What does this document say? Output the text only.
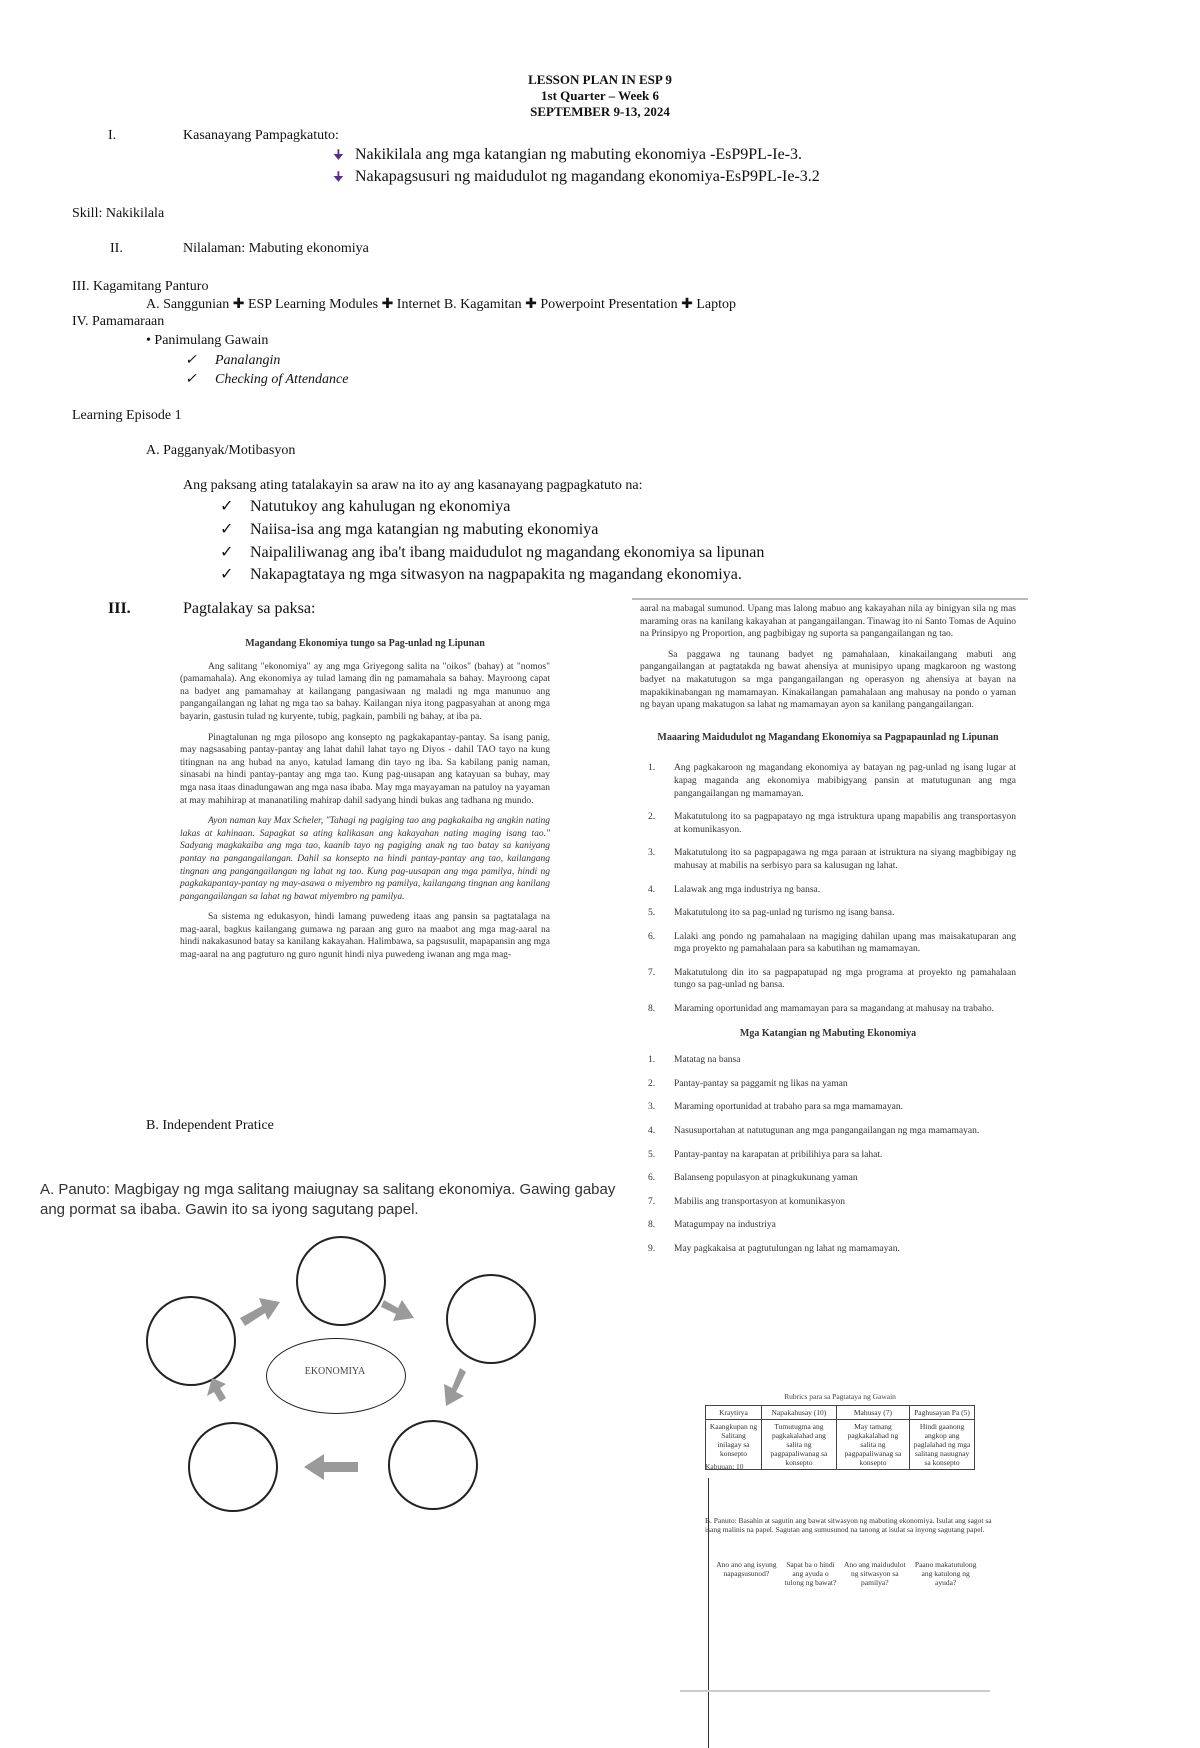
LESSON PLAN IN ESP 9
1st Quarter – Week 6
SEPTEMBER 9-13, 2024
I.	Kasanayang Pampagkatuto:
🠋 Nakikilala ang mga katangian ng mabuting ekonomiya -EsP9PL-Ie-3.
🠋 Nakapagsusuri ng maidudulot ng magandang ekonomiya-EsP9PL-Ie-3.2
Skill: Nakikilala
II.	Nilalaman: Mabuting ekonomiya
III. Kagamitang Panturo
A. Sanggunian ✚ ESP Learning Modules ✚ Internet B. Kagamitan ✚ Powerpoint Presentation ✚ Laptop
IV. Pamamaraan
• Panimulang Gawain
✓ Panalangin
✓ Checking of Attendance
Learning Episode 1
A. Pagganyak/Motibasyon
Ang paksang ating tatalakayin sa araw na ito ay ang kasanayang pagpagkatuto na:
✓ Natutukoy ang kahulugan ng ekonomiya
✓ Naiisa-isa ang mga katangian ng mabuting ekonomiya
✓ Naipaliliwanag ang iba't ibang maidudulot ng magandang ekonomiya sa lipunan
✓ Nakapagtataya ng mga sitwasyon na nagpapakita ng magandang ekonomiya.
III.	Pagtalakay sa paksa:

Magandang Ekonomiya tungo sa Pag-unlad ng Lipunan

Ang salitang "ekonomiya" ay ang mga Griyegong salita na "oikos" (bahay) at "nomos" (pamamahala). Ang ekonomiya ay tulad lamang din ng pamamahala sa bahay. Mayroong capat na badyet ang pamamahay at kailangang pangasiwaan ng maladi ng mga manunuo ang pangangailangan ng lahat ng mga tao sa bahay. Kailangan niya itong pagpasyahan at anong mga bayarin, gastusin tulad ng kuryente, tubig, pagkain, pambili ng bahay, at iba pa.

Pinagtalunan ng mga pilosopo ang konsepto ng pagkakapantay-pantay. Sa isang panig, may nagsasabing pantay-pantay ang lahat dahil lahat tayo ng Diyos - dahil TAO tayo na kung titingnan na ang hubad na anyo, katulad lamang din tayo ng iba. Sa kabilang panig naman, sinasabi na hindi pantay-pantay ang mga tao. Kung pag-uusapan ang katayuan sa buhay, may mga nasa itaas dinadungawan ang mga nasa ibaba. May mga mayayaman na patuloy na yayaman at may mahihirap at mananatiling mahirap dahil sadyang hindi bukas ang tadhana ng mundo.

Ayon naman kay Max Scheler, "Tahagi ng pagiging tao ang pagkakaiba ng angkin nating lakas at kahinaan. Sapagkat sa ating kalikasan ang kakayahan nating maging isang tao." Sadyang magkakaiba ang mga tao, kaanib tayo ng pagiging anak ng tao batay sa kaniyang pantay na pangangailangan. Dahil sa konsepto na hindi pantay-pantay ang tao, kailangang tingnan ang pangangailangan ng lahat ng tao. Kung pag-uusapan ang mga pamilya, hindi ng pagkakapantay-pantay ng may-asawa o miyembro ng pamilya, kailangang tingnan ang kanilang pangangailangan sa lahat ng bawat miyembro ng pamilya.

Sa sistema ng edukasyon, hindi lamang puwedeng itaas ang pansin sa pagtatalaga na mag-aaral, bagkus kailangang gumawa ng paraan ang guro na maabot ang mga mag-aaral na hindi nakakasunod batay sa kanilang kakayahan. Halimbawa, sa pagsusulit, mapapansin ang mga mag-aaral na ang pagtuturo ng guro ngunit hindi niya puwedeng iwanan ang mga mag-

aaral na mabagal sumunod. Upang mas lalong mabuo ang kakayahan nila ay binigyan sila ng mas maraming oras na kanilang kakayahan at pangangailangan. Tinawag ito ni Santo Tomas de Aquino na Prinsipyo ng Proportion, ang pagbibigay ng suporta sa pangangailangan ng tao.

Sa paggawa ng taunang badyet ng pamahalaan, kinakailangang mabuti ang pangangailangan at pagtatakda ng bawat ahensiya at munisipyo upang magkaroon ng wastong badyet na makatutugon sa mga pangangailangan ng operasyon ng ahensiya at bayan na mapakikinabangan ng mamamayan. Kinakailangan pamahalaan ang mahusay na pondo o yaman ng bayan upang makatugon sa lahat ng mamamayan ayon sa kanilang pangangailangan.

Maaaring Maidudulot ng Magandang Ekonomiya sa Pagpapaunlad ng Lipunan

1. Ang pagkakaroon ng magandang ekonomiya ay batayan ng pag-unlad ng isang lugar at kapag maganda ang ekonomiya mabibigyang pansin at matutugunan ang mga pangangailangan ng mamamayan.
2. Makatutulong ito sa pagpapatayo ng mga istruktura upang mapabilis ang transportasyon at komunikasyon.
3. Makatutulong ito sa pagpapagawa ng mga paraan at istruktura na siyang magbibigay ng mahusay at mabilis na serbisyo para sa kalusugan ng lahat.
4. Lalawak ang mga industriya ng bansa.
5. Makatutulong ito sa pag-unlad ng turismo ng isang bansa.
6. Lalaki ang pondo ng pamahalaan na magiging dahilan upang mas maisakatuparan ang mga proyekto ng pamahalaan para sa kabutihan ng mamamayan.
7. Makatutulong din ito sa pagpapatupad ng mga programa at proyekto ng pamahalaan tungo sa pag-unlad ng bansa.
8. Maraming oportunidad ang mamamayan para sa magandang at mahusay na trabaho.

Mga Katangian ng Mabuting Ekonomiya

1. Matatag na bansa
2. Pantay-pantay sa paggamit ng likas na yaman
3. Maraming oportunidad at trabaho para sa mga mamamayan.
4. Nasusuportahan at natutugunan ang mga pangangailangan ng mga mamamayan.
5. Pantay-pantay na karapatan at pribilihiya para sa lahat.
6. Balanseng populasyon at pinagkukunang yaman
7. Mabilis ang transportasyon at komunikasyon
8. Matagumpay na industriya
9. May pagkakaisa at pagtutulungan ng lahat ng mamamayan.
Rubrics para sa Pagtataya ng Gawain
Kraytirya	Napakahusay (10)	Mahusay (7)	Paghusayan Pa (5)
Kaangkupan ng Salitang inilagay sa konsepto	Tumutugma ang pagkakalahad ang salita ng pagpapaliwanag sa konsepto	May tamang pagkakalahad ng salita ng pagpapaliwanag sa konsepto	Hindi gaanong angkop ang paglalahad ng mga salitang nauugnay sa konsepto
Kabuuan: 10
B. Panuto: Basahin at sagutin ang bawat sitwasyon ng mabuting ekonomiya. Isulat ang sagot sa isang malinis na papel. Sagutan ang sumusunod na tanong at isulat sa inyong sagutang papel.
Ano ano ang isyung napagsusunod?	Sapat ba o hindi ang ayuda o tulong ng bawat?	Ano ang maidudulot ng sitwasyon sa pamilya?	Paano makatutulong ang katulong ng ayuda?
B. Independent Pratice
A. Panuto: Magbigay ng mga salitang maiugnay sa salitang ekonomiya. Gawing gabay ang pormat sa ibaba. Gawin ito sa iyong sagutang papel.
EKONOMIYA
